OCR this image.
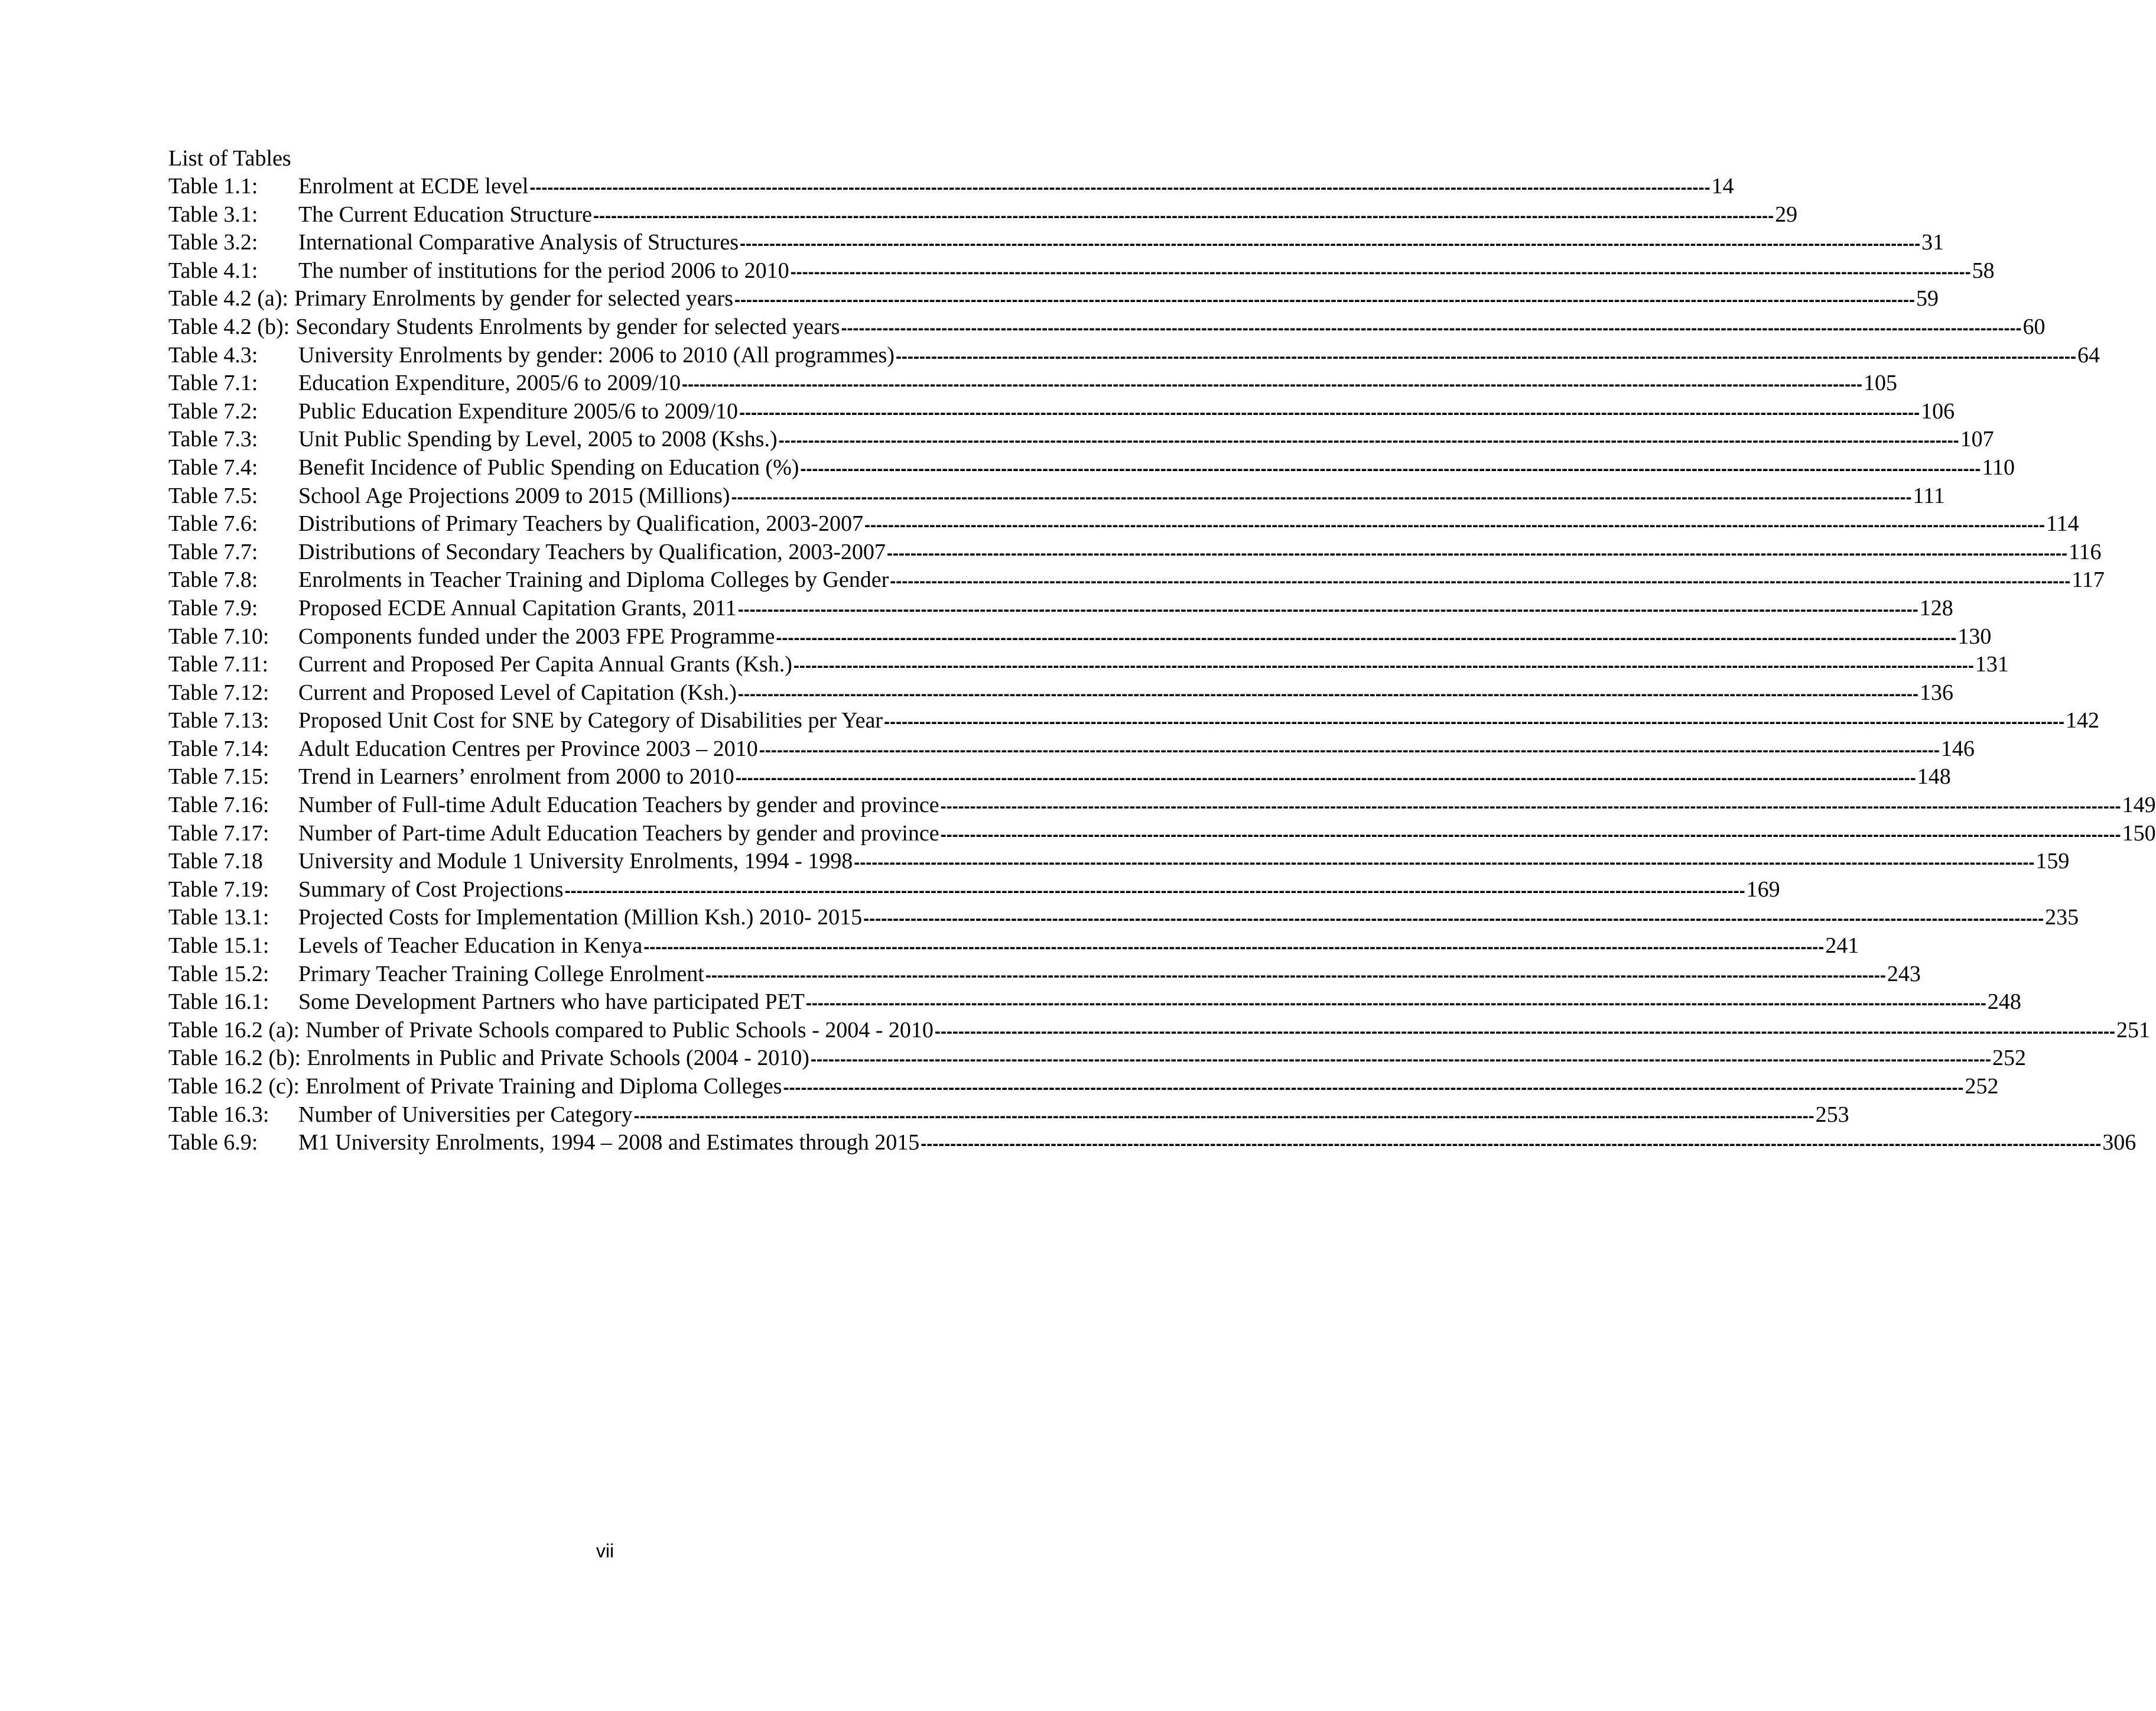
List of Tables
Table 1.1:	Enrolment at ECDE level -------------------------------------------------------------------------------------------------------------------------------------------------------------------------------------------------------- 14
Table 3.1:	The Current Education Structure -------------------------------------------------------------------------------------------------------------------------------------------------------------------------------------------------------- 29
Table 3.2:	International Comparative Analysis of Structures -------------------------------------------------------------------------------------------------------------------------------------------------------------------------------------------------------- 31
Table 4.1:	The number of institutions for the period 2006 to 2010 -------------------------------------------------------------------------------------------------------------------------------------------------------------------------------------------------------- 58
Table 4.2 (a): Primary Enrolments by gender for selected years -------------------------------------------------------------------------------------------------------------------------------------------------------------------------------------------------------- 59
Table 4.2 (b): Secondary Students Enrolments by gender for selected years -------------------------------------------------------------------------------------------------------------------------------------------------------------------------------------------------------- 60
Table 4.3:	University Enrolments by gender: 2006 to 2010 (All programmes) -------------------------------------------------------------------------------------------------------------------------------------------------------------------------------------------------------- 64
Table 7.1:	Education Expenditure, 2005/6 to 2009/10 -------------------------------------------------------------------------------------------------------------------------------------------------------------------------------------------------------- 105
Table 7.2:	Public Education Expenditure 2005/6 to 2009/10 -------------------------------------------------------------------------------------------------------------------------------------------------------------------------------------------------------- 106
Table 7.3:	Unit Public Spending by Level, 2005 to 2008 (Kshs.) -------------------------------------------------------------------------------------------------------------------------------------------------------------------------------------------------------- 107
Table 7.4:	Benefit Incidence of Public Spending on Education (%) -------------------------------------------------------------------------------------------------------------------------------------------------------------------------------------------------------- 110
Table 7.5:	School Age Projections 2009 to 2015 (Millions) -------------------------------------------------------------------------------------------------------------------------------------------------------------------------------------------------------- 111
Table 7.6:	Distributions of Primary Teachers by Qualification, 2003-2007 -------------------------------------------------------------------------------------------------------------------------------------------------------------------------------------------------------- 114
Table 7.7:	Distributions of Secondary Teachers by Qualification, 2003-2007 -------------------------------------------------------------------------------------------------------------------------------------------------------------------------------------------------------- 116
Table 7.8:	Enrolments in Teacher Training and Diploma Colleges by Gender -------------------------------------------------------------------------------------------------------------------------------------------------------------------------------------------------------- 117
Table 7.9:	Proposed ECDE Annual Capitation Grants, 2011 -------------------------------------------------------------------------------------------------------------------------------------------------------------------------------------------------------- 128
Table 7.10:	Components funded under the 2003 FPE Programme -------------------------------------------------------------------------------------------------------------------------------------------------------------------------------------------------------- 130
Table 7.11:	Current and Proposed Per Capita Annual Grants (Ksh.) -------------------------------------------------------------------------------------------------------------------------------------------------------------------------------------------------------- 131
Table 7.12:	Current and Proposed Level of Capitation (Ksh.) -------------------------------------------------------------------------------------------------------------------------------------------------------------------------------------------------------- 136
Table 7.13:	Proposed Unit Cost for SNE by Category of Disabilities per Year -------------------------------------------------------------------------------------------------------------------------------------------------------------------------------------------------------- 142
Table 7.14:	Adult Education Centres per Province 2003 – 2010 -------------------------------------------------------------------------------------------------------------------------------------------------------------------------------------------------------- 146
Table 7.15:	Trend in Learners’ enrolment from 2000 to 2010 -------------------------------------------------------------------------------------------------------------------------------------------------------------------------------------------------------- 148
Table 7.16:	Number of Full-time Adult Education Teachers by gender and province -------------------------------------------------------------------------------------------------------------------------------------------------------------------------------------------------------- 149
Table 7.17:	Number of Part-time Adult Education Teachers by gender and province -------------------------------------------------------------------------------------------------------------------------------------------------------------------------------------------------------- 150
Table 7.18	University and Module 1 University Enrolments, 1994 - 1998 -------------------------------------------------------------------------------------------------------------------------------------------------------------------------------------------------------- 159
Table 7.19:	Summary of Cost Projections -------------------------------------------------------------------------------------------------------------------------------------------------------------------------------------------------------- 169
Table 13.1:	Projected Costs for Implementation (Million Ksh.) 2010- 2015 -------------------------------------------------------------------------------------------------------------------------------------------------------------------------------------------------------- 235
Table 15.1:	Levels of Teacher Education in Kenya -------------------------------------------------------------------------------------------------------------------------------------------------------------------------------------------------------- 241
Table 15.2:	Primary Teacher Training College Enrolment -------------------------------------------------------------------------------------------------------------------------------------------------------------------------------------------------------- 243
Table 16.1:	Some Development Partners who have participated PET -------------------------------------------------------------------------------------------------------------------------------------------------------------------------------------------------------- 248
Table 16.2 (a): Number of Private Schools compared to Public Schools - 2004 - 2010 -------------------------------------------------------------------------------------------------------------------------------------------------------------------------------------------------------- 251
Table 16.2 (b): Enrolments in Public and Private Schools (2004 - 2010) -------------------------------------------------------------------------------------------------------------------------------------------------------------------------------------------------------- 252
Table 16.2 (c): Enrolment of Private Training and Diploma Colleges -------------------------------------------------------------------------------------------------------------------------------------------------------------------------------------------------------- 252
Table 16.3:	Number of Universities per Category -------------------------------------------------------------------------------------------------------------------------------------------------------------------------------------------------------- 253
Table 6.9:	M1 University Enrolments, 1994 – 2008 and Estimates through 2015 -------------------------------------------------------------------------------------------------------------------------------------------------------------------------------------------------------- 306
vii
